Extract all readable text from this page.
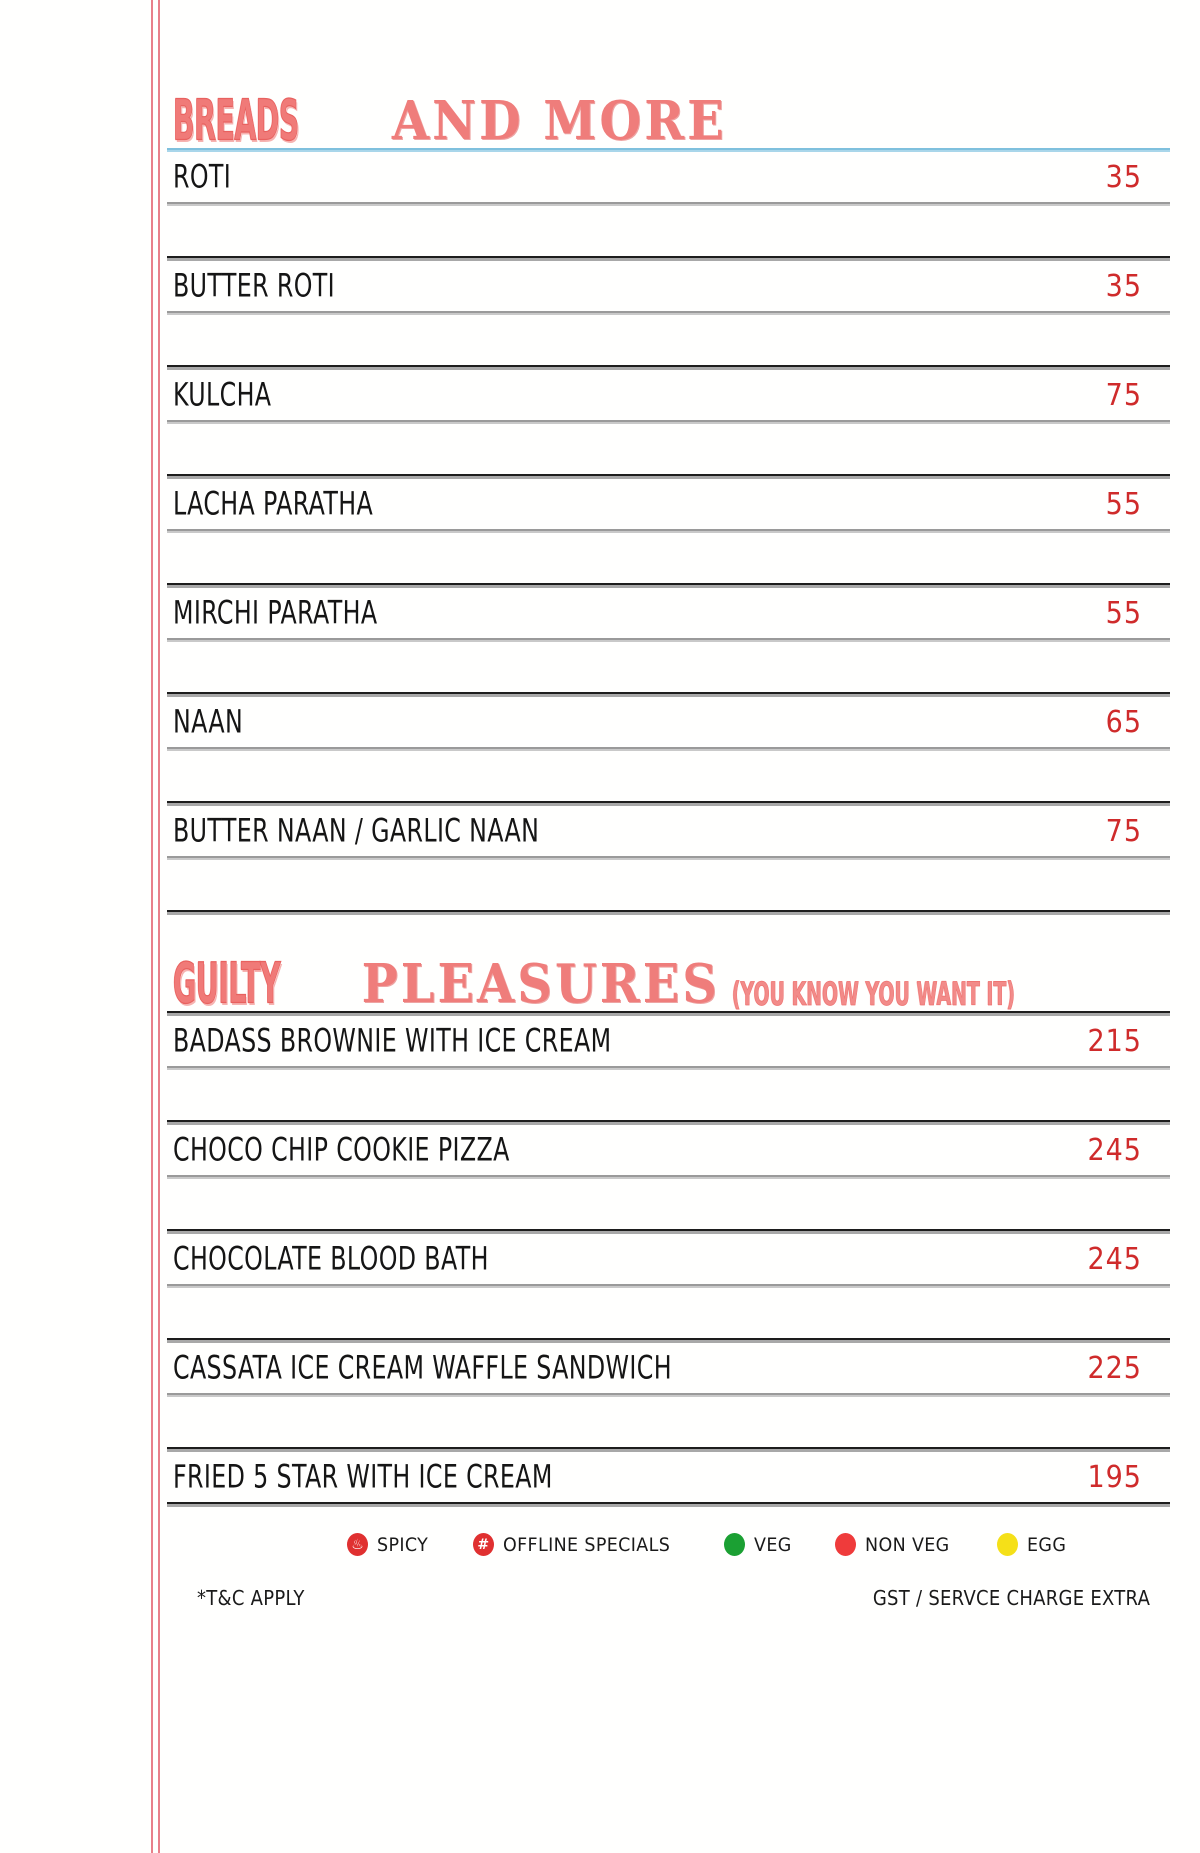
BREADS AND MORE
ROTI	35
BUTTER ROTI	35
KULCHA	75
LACHA PARATHA	55
MIRCHI PARATHA	55
NAAN	65
BUTTER NAAN / GARLIC NAAN	75
GUILTY PLEASURES (YOU KNOW YOU WANT IT)
BADASS BROWNIE WITH ICE CREAM	215
CHOCO CHIP COOKIE PIZZA	245
CHOCOLATE BLOOD BATH	245
CASSATA ICE CREAM WAFFLE SANDWICH	225
FRIED 5 STAR WITH ICE CREAM	195
♨ SPICY	# OFFLINE SPECIALS	VEG	NON VEG	EGG
*T&C APPLY	GST / SERVCE CHARGE EXTRA
